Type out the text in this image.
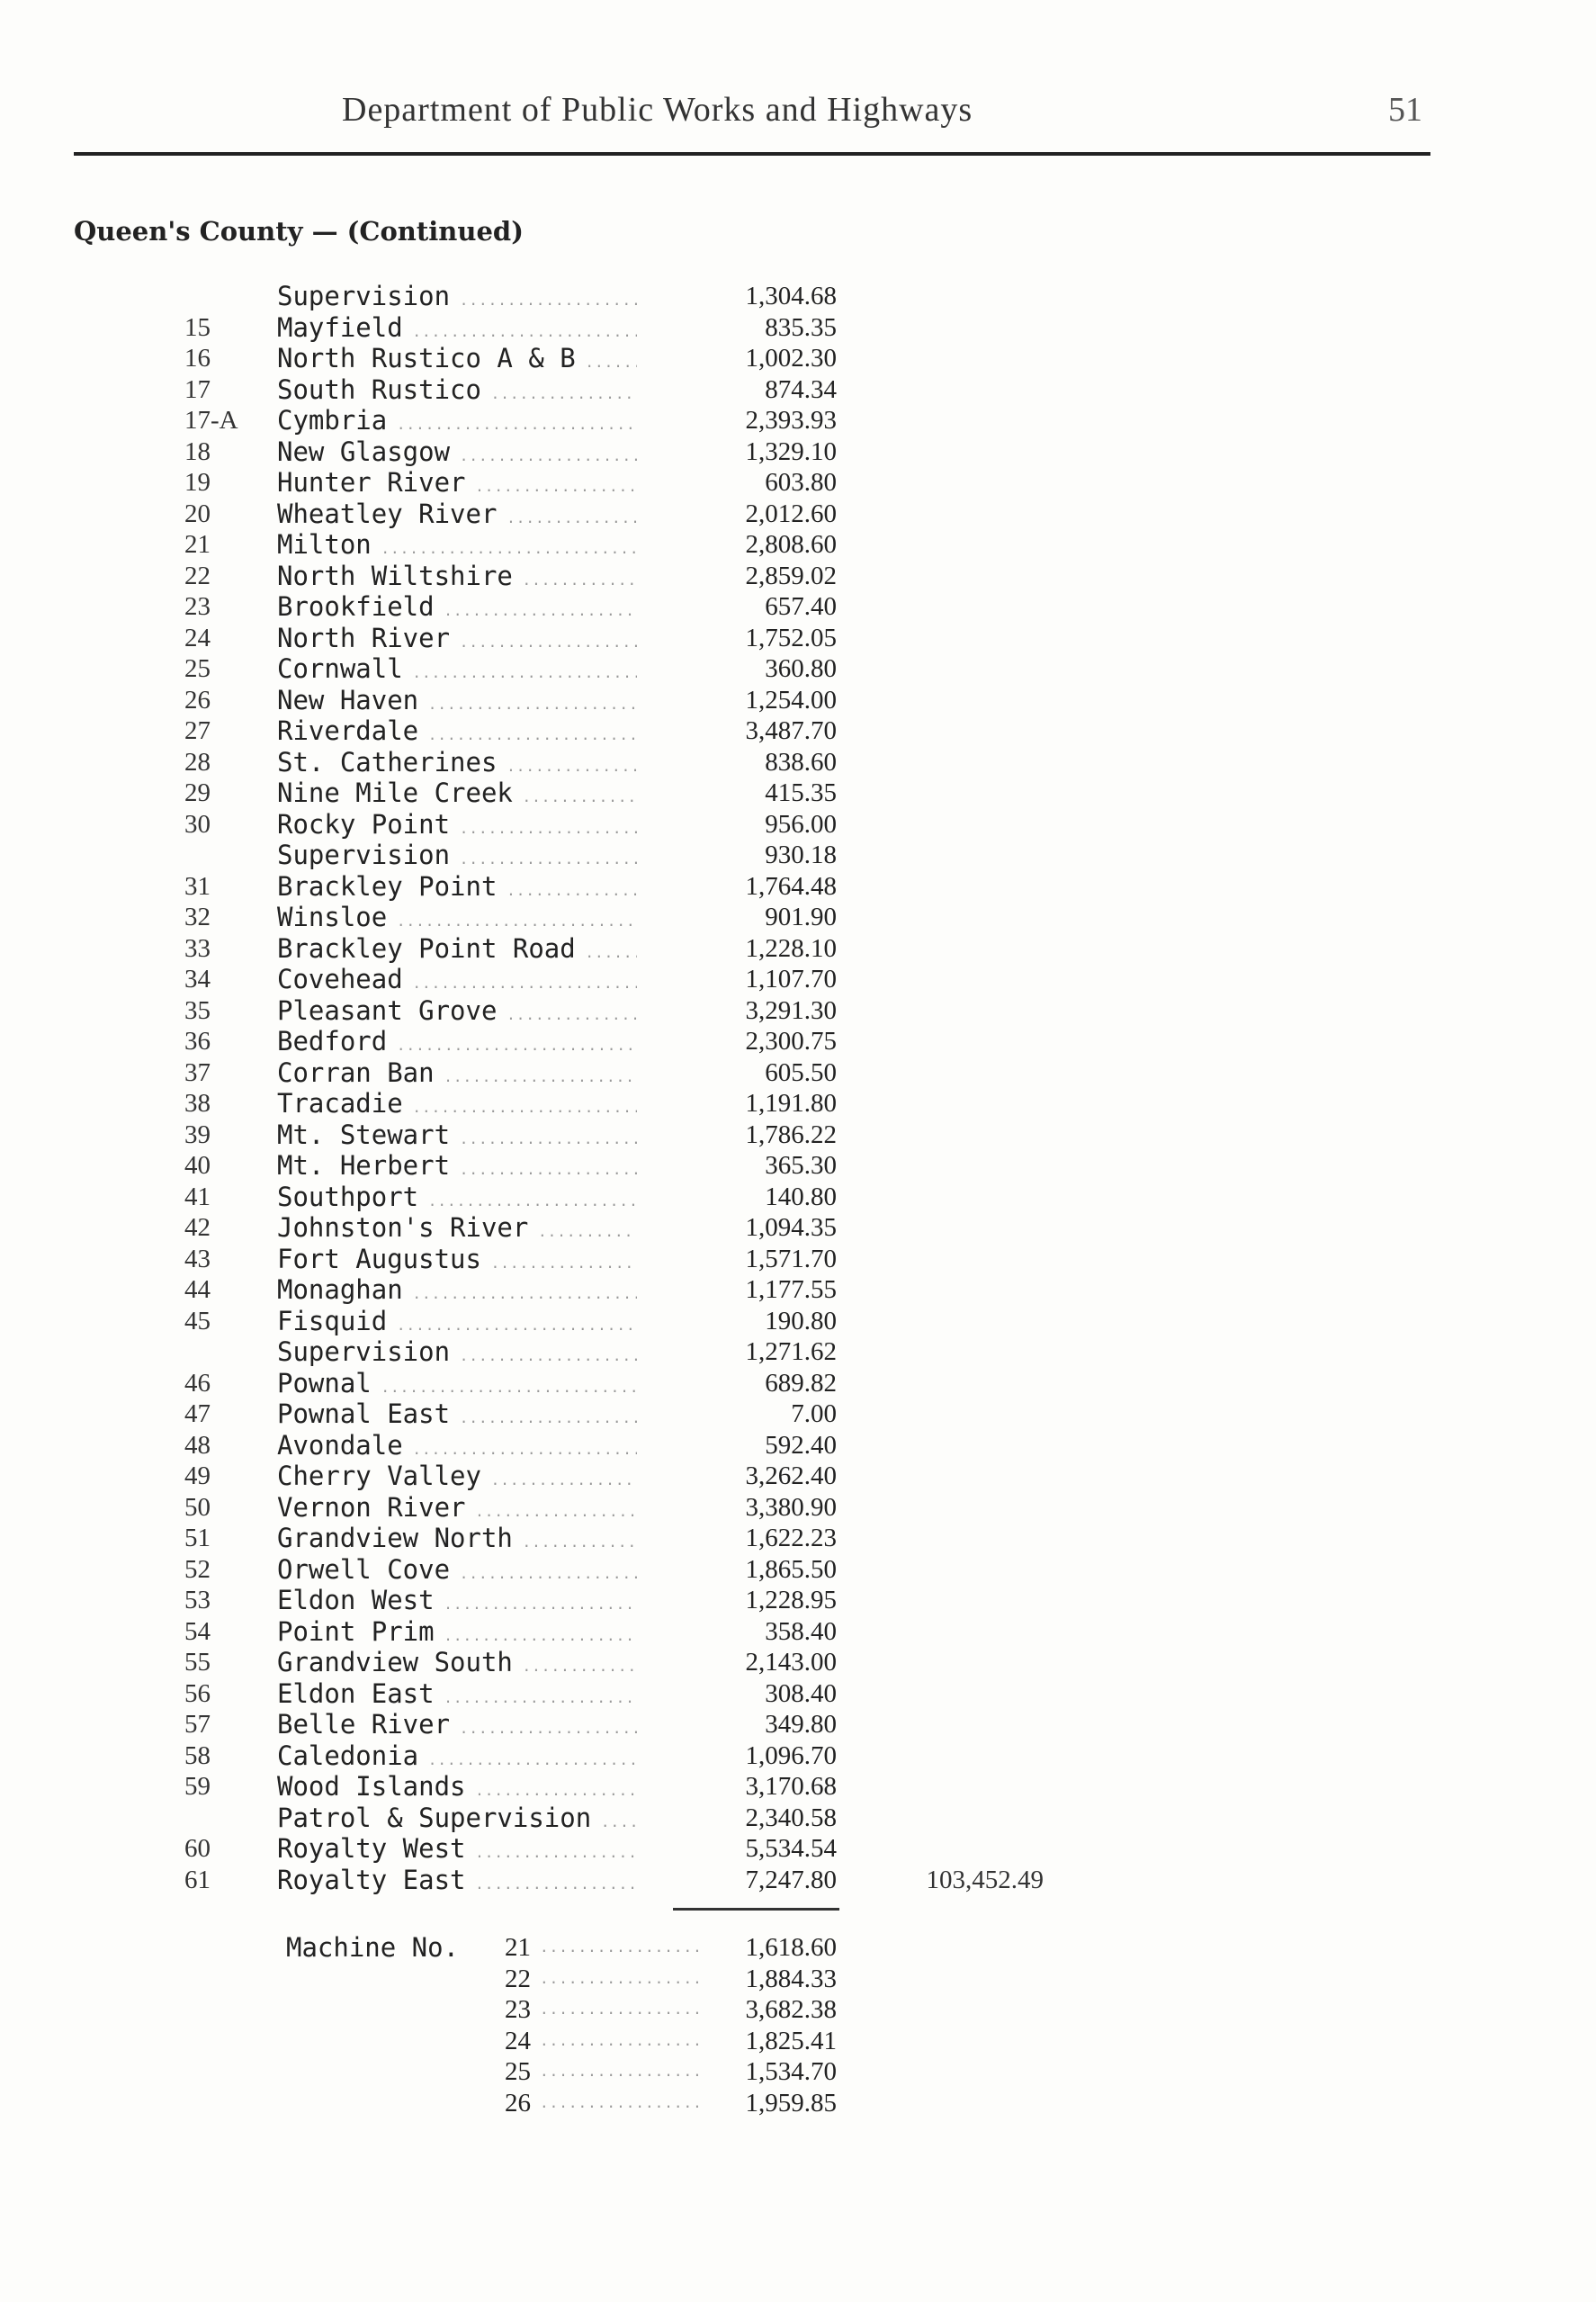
Department of Public Works and Highways	51
Queen's County — (Continued)
Supervision .....	1,304.68
15	Mayfield .....	835.35
16	North Rustico A & B .....	1,002.30
17	South Rustico .....	874.34
17-A	Cymbria .....	2,393.93
18	New Glasgow .....	1,329.10
19	Hunter River .....	603.80
20	Wheatley River .....	2,012.60
21	Milton .....	2,808.60
22	North Wiltshire .....	2,859.02
23	Brookfield .....	657.40
24	North River .....	1,752.05
25	Cornwall .....	360.80
26	New Haven .....	1,254.00
27	Riverdale .....	3,487.70
28	St. Catherines .....	838.60
29	Nine Mile Creek .....	415.35
30	Rocky Point .....	956.00
Supervision .....	930.18
31	Brackley Point .....	1,764.48
32	Winsloe .....	901.90
33	Brackley Point Road .....	1,228.10
34	Covehead .....	1,107.70
35	Pleasant Grove .....	3,291.30
36	Bedford .....	2,300.75
37	Corran Ban .....	605.50
38	Tracadie .....	1,191.80
39	Mt. Stewart .....	1,786.22
40	Mt. Herbert .....	365.30
41	Southport .....	140.80
42	Johnston's River .....	1,094.35
43	Fort Augustus .....	1,571.70
44	Monaghan .....	1,177.55
45	Fisquid .....	190.80
Supervision .....	1,271.62
46	Pownal .....	689.82
47	Pownal East .....	7.00
48	Avondale .....	592.40
49	Cherry Valley .....	3,262.40
50	Vernon River .....	3,380.90
51	Grandview North .....	1,622.23
52	Orwell Cove .....	1,865.50
53	Eldon West .....	1,228.95
54	Point Prim .....	358.40
55	Grandview South .....	2,143.00
56	Eldon East .....	308.40
57	Belle River .....	349.80
58	Caledonia .....	1,096.70
59	Wood Islands .....	3,170.68
Patrol & Supervision .....	2,340.58
60	Royalty West .....	5,534.54
61	Royalty East .....	7,247.80	103,452.49
Machine No.	21 .................	1,618.60
22 .................	1,884.33
23 .................	3,682.38
24 .................	1,825.41
25 .................	1,534.70
26 .................	1,959.85
